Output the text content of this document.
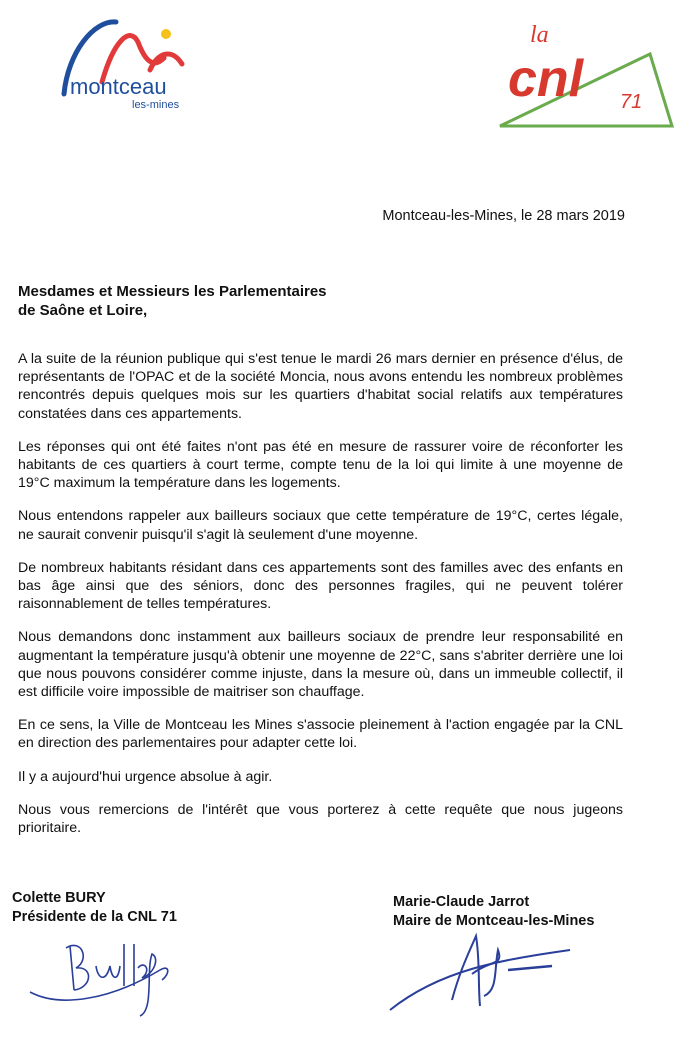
montceau
les-mines
la
cnl 71
Montceau-les-Mines, le 28 mars 2019
Mesdames et Messieurs les Parlementaires
de Saône et Loire,

A la suite de la réunion publique qui s'est tenue le mardi 26 mars dernier en présence d'élus, de représentants de l'OPAC et de la société Moncia, nous avons entendu les nombreux problèmes rencontrés depuis quelques mois sur les quartiers d'habitat social relatifs aux températures constatées dans ces appartements.

Les réponses qui ont été faites n'ont pas été en mesure de rassurer voire de réconforter les habitants de ces quartiers à court terme, compte tenu de la loi qui limite à une moyenne de 19°C maximum la température dans les logements.

Nous entendons rappeler aux bailleurs sociaux que cette température de 19°C, certes légale, ne saurait convenir puisqu'il s'agit là seulement d'une moyenne.

De nombreux habitants résidant dans ces appartements sont des familles avec des enfants en bas âge ainsi que des séniors, donc des personnes fragiles, qui ne peuvent tolérer raisonnablement de telles températures.

Nous demandons donc instamment aux bailleurs sociaux de prendre leur responsabilité en augmentant la température jusqu'à obtenir une moyenne de 22°C, sans s'abriter derrière une loi que nous pouvons considérer comme injuste, dans la mesure où, dans un immeuble collectif, il est difficile voire impossible de maitriser son chauffage.

En ce sens, la Ville de Montceau les Mines s'associe pleinement à l'action engagée par la CNL en direction des parlementaires pour adapter cette loi.

Il y a aujourd'hui urgence absolue à agir.

Nous vous remercions de l'intérêt que vous porterez à cette requête que nous jugeons prioritaire.

Colette BURY
Présidente de la CNL 71
Marie-Claude Jarrot
Maire de Montceau-les-Mines
